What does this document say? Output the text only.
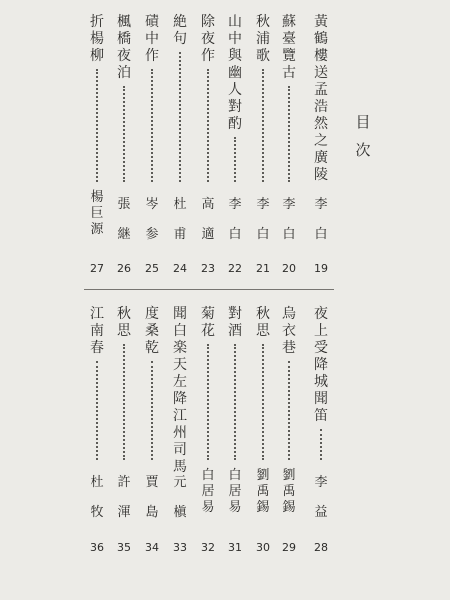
目
次
黃
鶴
樓
送
孟
浩
然
之
廣
陵
李
白
19
蘇
臺
覽
古
李
白
20
秋
浦
歌
李
白
21
山
中
與
幽
人
對
酌
李
白
22
除
夜
作
高
適
23
絶
句
杜
甫
24
磧
中
作
岑
参
25
楓
橋
夜
泊
張
継
26
折
楊
柳
楊
巨
源
27
夜
上
受
降
城
聞
笛
李
益
28
烏
衣
巷
劉
禹
錫
29
秋
思
劉
禹
錫
30
對
酒
白
居
易
31
菊
花
白
居
易
32
聞
白
楽
天
左
降
江
州
司
馬
元
槇
33
度
桑
乾
賈
島
34
秋
思
許
渾
35
江
南
春
杜
牧
36
